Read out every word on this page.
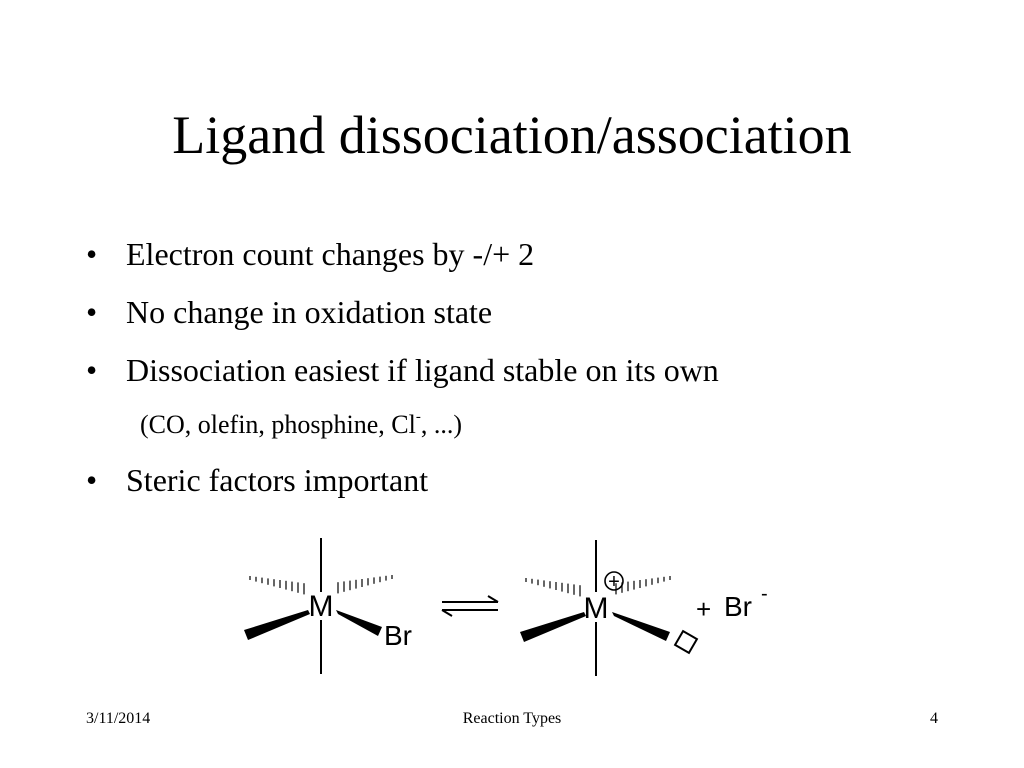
Ligand dissociation/association
• Electron count changes by -/+ 2
• No change in oxidation state
• Dissociation easiest if ligand stable on its own
(CO, olefin, phosphine, Cl-, ...)
• Steric factors important
M
Br
M
+
+ Br -
3/11/2014	Reaction Types	4
